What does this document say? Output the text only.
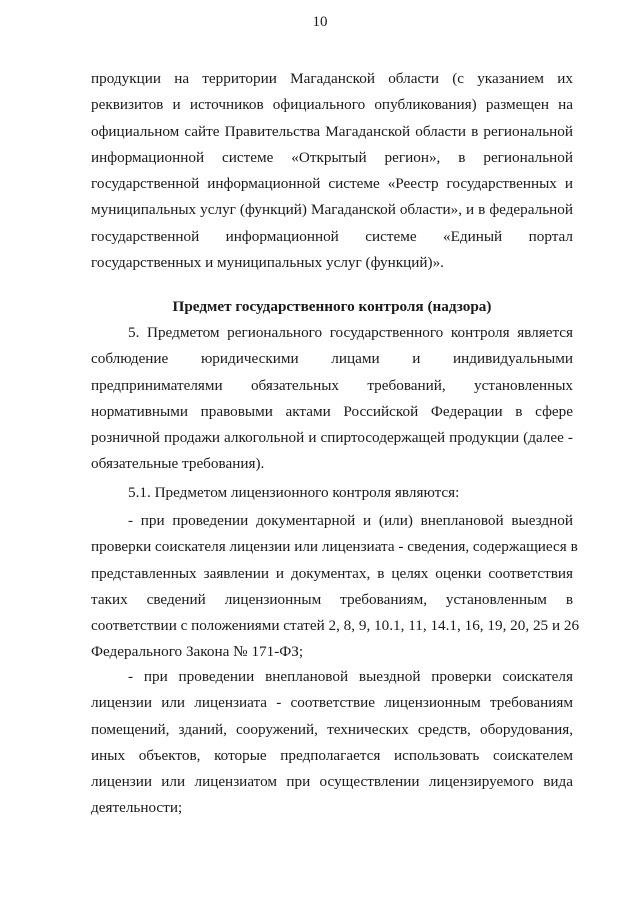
10
продукции на территории Магаданской области (с указанием их
реквизитов и источников официального опубликования) размещен на
официальном сайте Правительства Магаданской области в региональной
информационной системе «Открытый регион», в региональной
государственной информационной системе «Реестр государственных и
муниципальных услуг (функций) Магаданской области», и в федеральной
государственной информационной системе «Единый портал
государственных и муниципальных услуг (функций)».
Предмет государственного контроля (надзора)
5. Предметом регионального государственного контроля является
соблюдение юридическими лицами и индивидуальными
предпринимателями обязательных требований, установленных
нормативными правовыми актами Российской Федерации в сфере
розничной продажи алкогольной и спиртосодержащей продукции (далее -
обязательные требования).
5.1. Предметом лицензионного контроля являются:
- при проведении документарной и (или) внеплановой выездной
проверки соискателя лицензии или лицензиата - сведения, содержащиеся в
представленных заявлении и документах, в целях оценки соответствия
таких сведений лицензионным требованиям, установленным в
соответствии с положениями статей 2, 8, 9, 10.1, 11, 14.1, 16, 19, 20, 25 и 26
Федерального Закона № 171-ФЗ;
- при проведении внеплановой выездной проверки соискателя
лицензии или лицензиата - соответствие лицензионным требованиям
помещений, зданий, сооружений, технических средств, оборудования,
иных объектов, которые предполагается использовать соискателем
лицензии или лицензиатом при осуществлении лицензируемого вида
деятельности;
